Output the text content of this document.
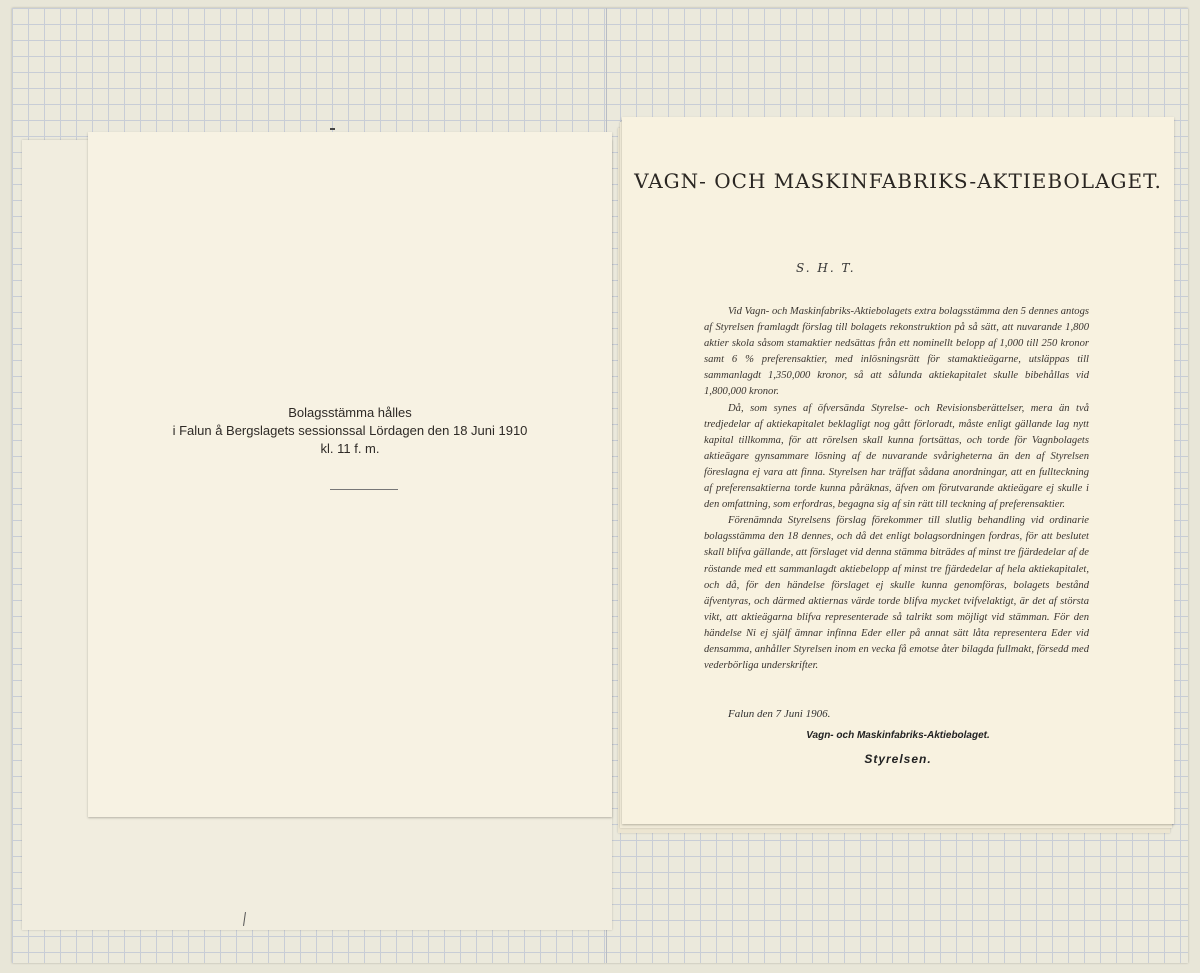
Bolagsstämma hålles
i Falun å Bergslagets sessionssal Lördagen den 18 Juni 1910
kl. 11 f. m.
VAGN- OCH MASKINFABRIKS-AKTIEBOLAGET.
S. H. T.

Vid Vagn- och Maskinfabriks-Aktiebolagets extra bolagsstämma den 5 dennes antogs af Styrelsen framlagdt förslag till bolagets rekonstruktion på så sätt, att nuvarande 1,800 aktier skola såsom stamaktier nedsättas från ett nominellt belopp af 1,000 till 250 kronor samt 6 % preferensaktier, med inlösningsrätt för stamaktieägarne, utsläppas till sammanlagdt 1,350,000 kronor, så att sålunda aktiekapitalet skulle bibehållas vid 1,800,000 kronor.

Då, som synes af öfversända Styrelse- och Revisionsberättelser, mera än två tredjedelar af aktiekapitalet beklagligt nog gått förloradt, måste enligt gällande lag nytt kapital tillkomma, för att rörelsen skall kunna fortsättas, och torde för Vagnbolagets aktieägare gynsammare lösning af de nuvarande svårigheterna än den af Styrelsen föreslagna ej vara att finna. Styrelsen har träffat sådana anordningar, att en fullteckning af preferensaktierna torde kunna påräknas, äfven om förutvarande aktieägare ej skulle i den omfattning, som erfordras, begagna sig af sin rätt till teckning af preferensaktier.

Förenämnda Styrelsens förslag förekommer till slutlig behandling vid ordinarie bolagsstämma den 18 dennes, och då det enligt bolagsordningen fordras, för att beslutet skall blifva gällande, att förslaget vid denna stämma biträdes af minst tre fjärdedelar af de röstande med ett sammanlagdt aktiebelopp af minst tre fjärdedelar af hela aktiekapitalet, och då, för den händelse förslaget ej skulle kunna genomföras, bolagets bestånd äfventyras, och därmed aktiernas värde torde blifva mycket tvifvelaktigt, är det af största vikt, att aktieägarna blifva representerade så talrikt som möjligt vid stämman. För den händelse Ni ej själf ämnar infinna Eder eller på annat sätt låta representera Eder vid densamma, anhåller Styrelsen inom en vecka få emotse åter bilagda fullmakt, försedd med vederbörliga underskrifter.

Falun den 7 Juni 1906.
Vagn- och Maskinfabriks-Aktiebolaget.
Styrelsen.
